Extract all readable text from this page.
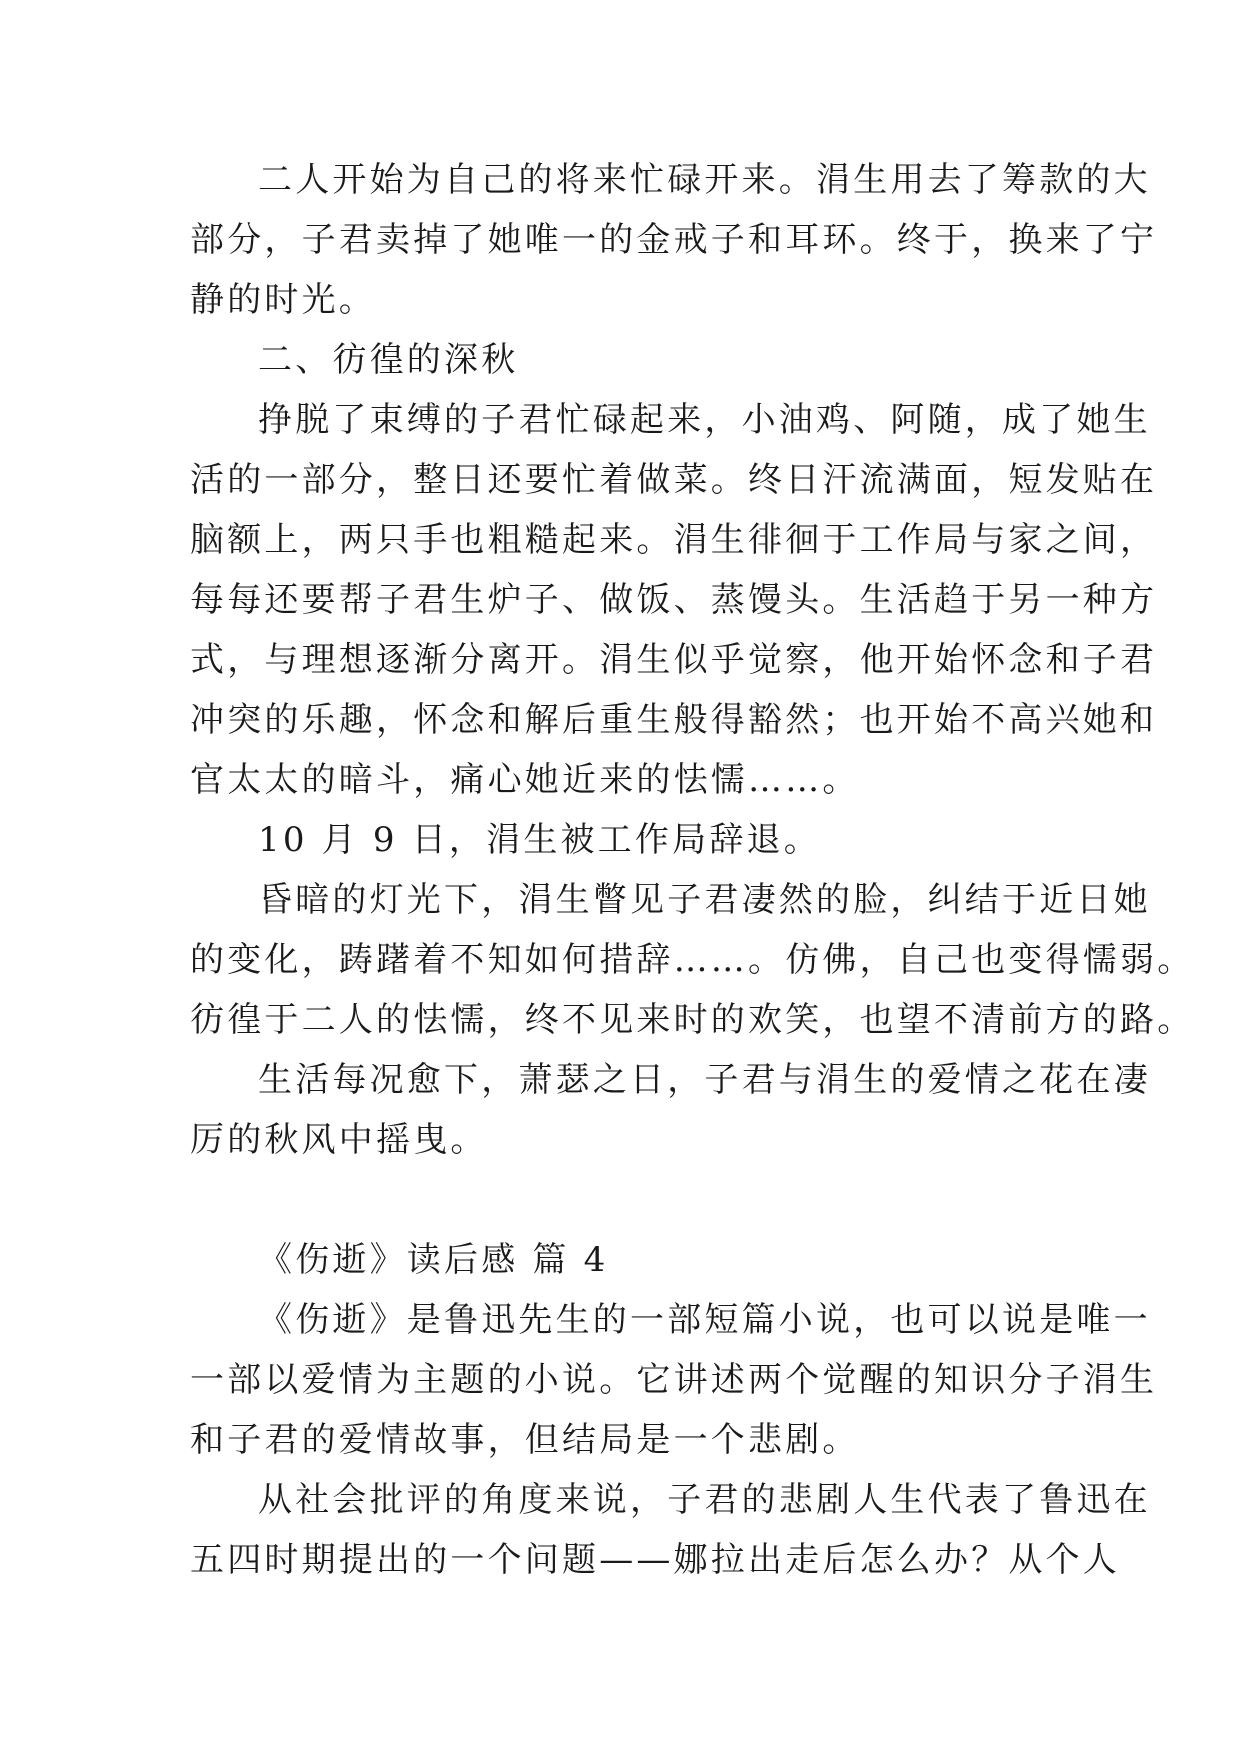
二人开始为自己的将来忙碌开来。涓生用去了筹款的大
部分，子君卖掉了她唯一的金戒子和耳环。终于，换来了宁
静的时光。
二、彷徨的深秋
挣脱了束缚的子君忙碌起来，小油鸡、阿随，成了她生
活的一部分，整日还要忙着做菜。终日汗流满面，短发贴在
脑额上，两只手也粗糙起来。涓生徘徊于工作局与家之间，
每每还要帮子君生炉子、做饭、蒸馒头。生活趋于另一种方
式，与理想逐渐分离开。涓生似乎觉察，他开始怀念和子君
冲突的乐趣，怀念和解后重生般得豁然；也开始不高兴她和
官太太的暗斗，痛心她近来的怯懦……。
10 月 9 日，涓生被工作局辞退。
昏暗的灯光下，涓生瞥见子君凄然的脸，纠结于近日她
的变化，踌躇着不知如何措辞……。仿佛，自己也变得懦弱。
彷徨于二人的怯懦，终不见来时的欢笑，也望不清前方的路。
生活每况愈下，萧瑟之日，子君与涓生的爱情之花在凄
厉的秋风中摇曳。
《伤逝》读后感 篇 4
《伤逝》是鲁迅先生的一部短篇小说，也可以说是唯一
一部以爱情为主题的小说。它讲述两个觉醒的知识分子涓生
和子君的爱情故事，但结局是一个悲剧。
从社会批评的角度来说，子君的悲剧人生代表了鲁迅在
五四时期提出的一个问题——娜拉出走后怎么办？从个人
